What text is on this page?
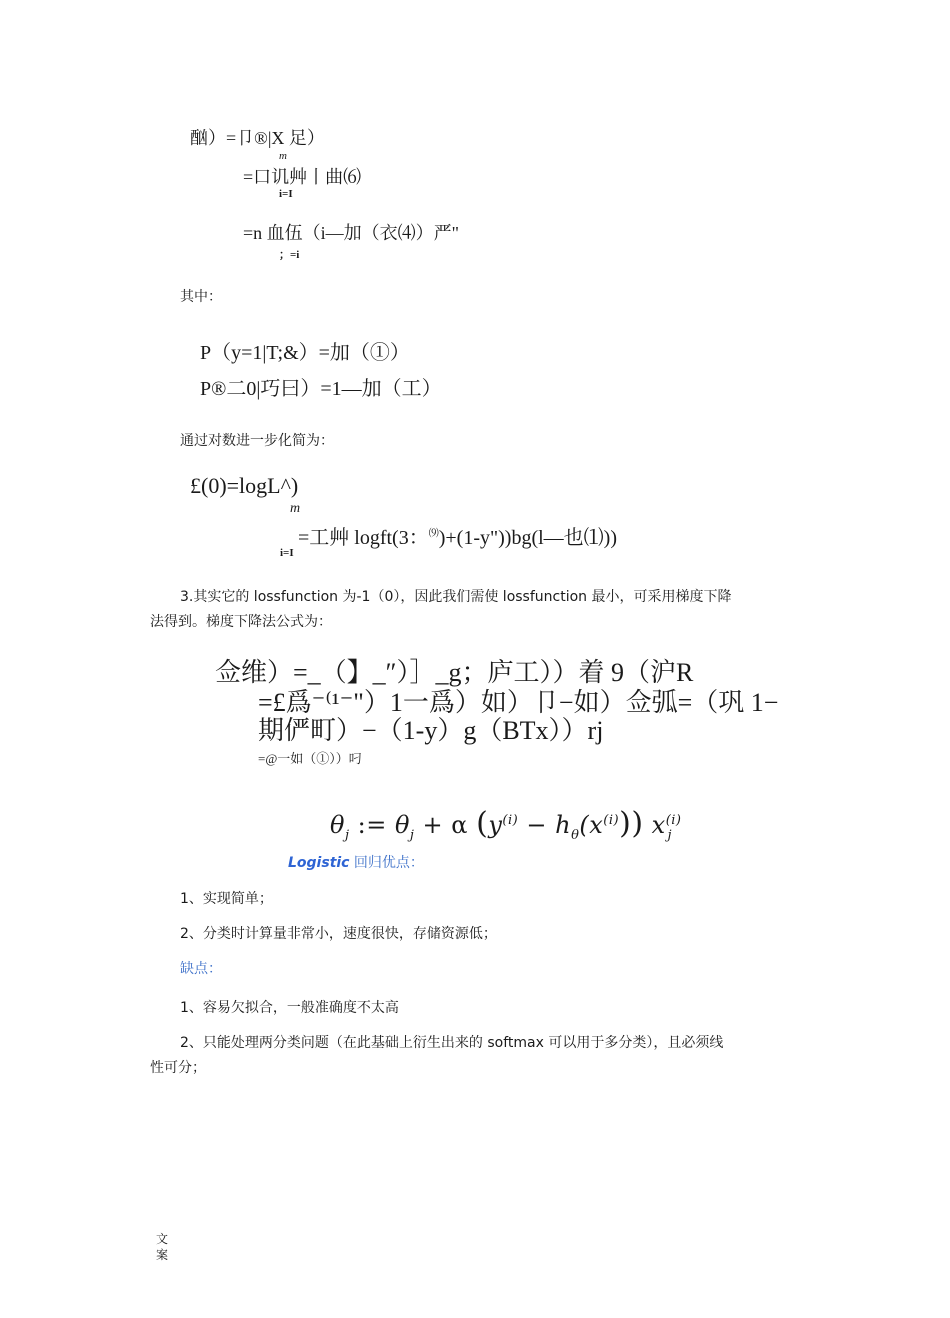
酗）=卩®|X 足）
m
=口讥艸丨曲⑹
i=I
=n 血伍（i—加（衣⑷）严"
；=i
其中：
P（y=1|T;&）=加（①）
P®二0|巧曰）=1—加（工）
通过对数进一步化简为：
£(0)=logL^)
m
=工艸 logft(3：⑼)+(1-y"))bg(l—也⑴))
i=I
3.其实它的 lossfunction 为-1（0），因此我们需使 lossfunction 最小，可采用梯度下降
法得到。梯度下降法公式为：
佥维）=_（】_″）］_g；庐工））着 9（沪R
=£爲⁻⁽¹⁻"）1一爲）如）卩−如）佥弧=（巩 1−
期俨町）−（1-y）g（BTx））rj
=@一如（①））叼
$\theta_j$ := $\theta_j + \alpha$ $(y^{(i)} - h_\theta(x^{(i)}))$ $x^{(i)}_j$
Logistic 回归优点：
1、实现简单；
2、分类时计算量非常小，速度很快，存储资源低；
缺点：
1、容易欠拟合，一般准确度不太高
2、只能处理两分类问题（在此基础上衍生出来的 softmax 可以用于多分类），且必须线
性可分；
文
案
